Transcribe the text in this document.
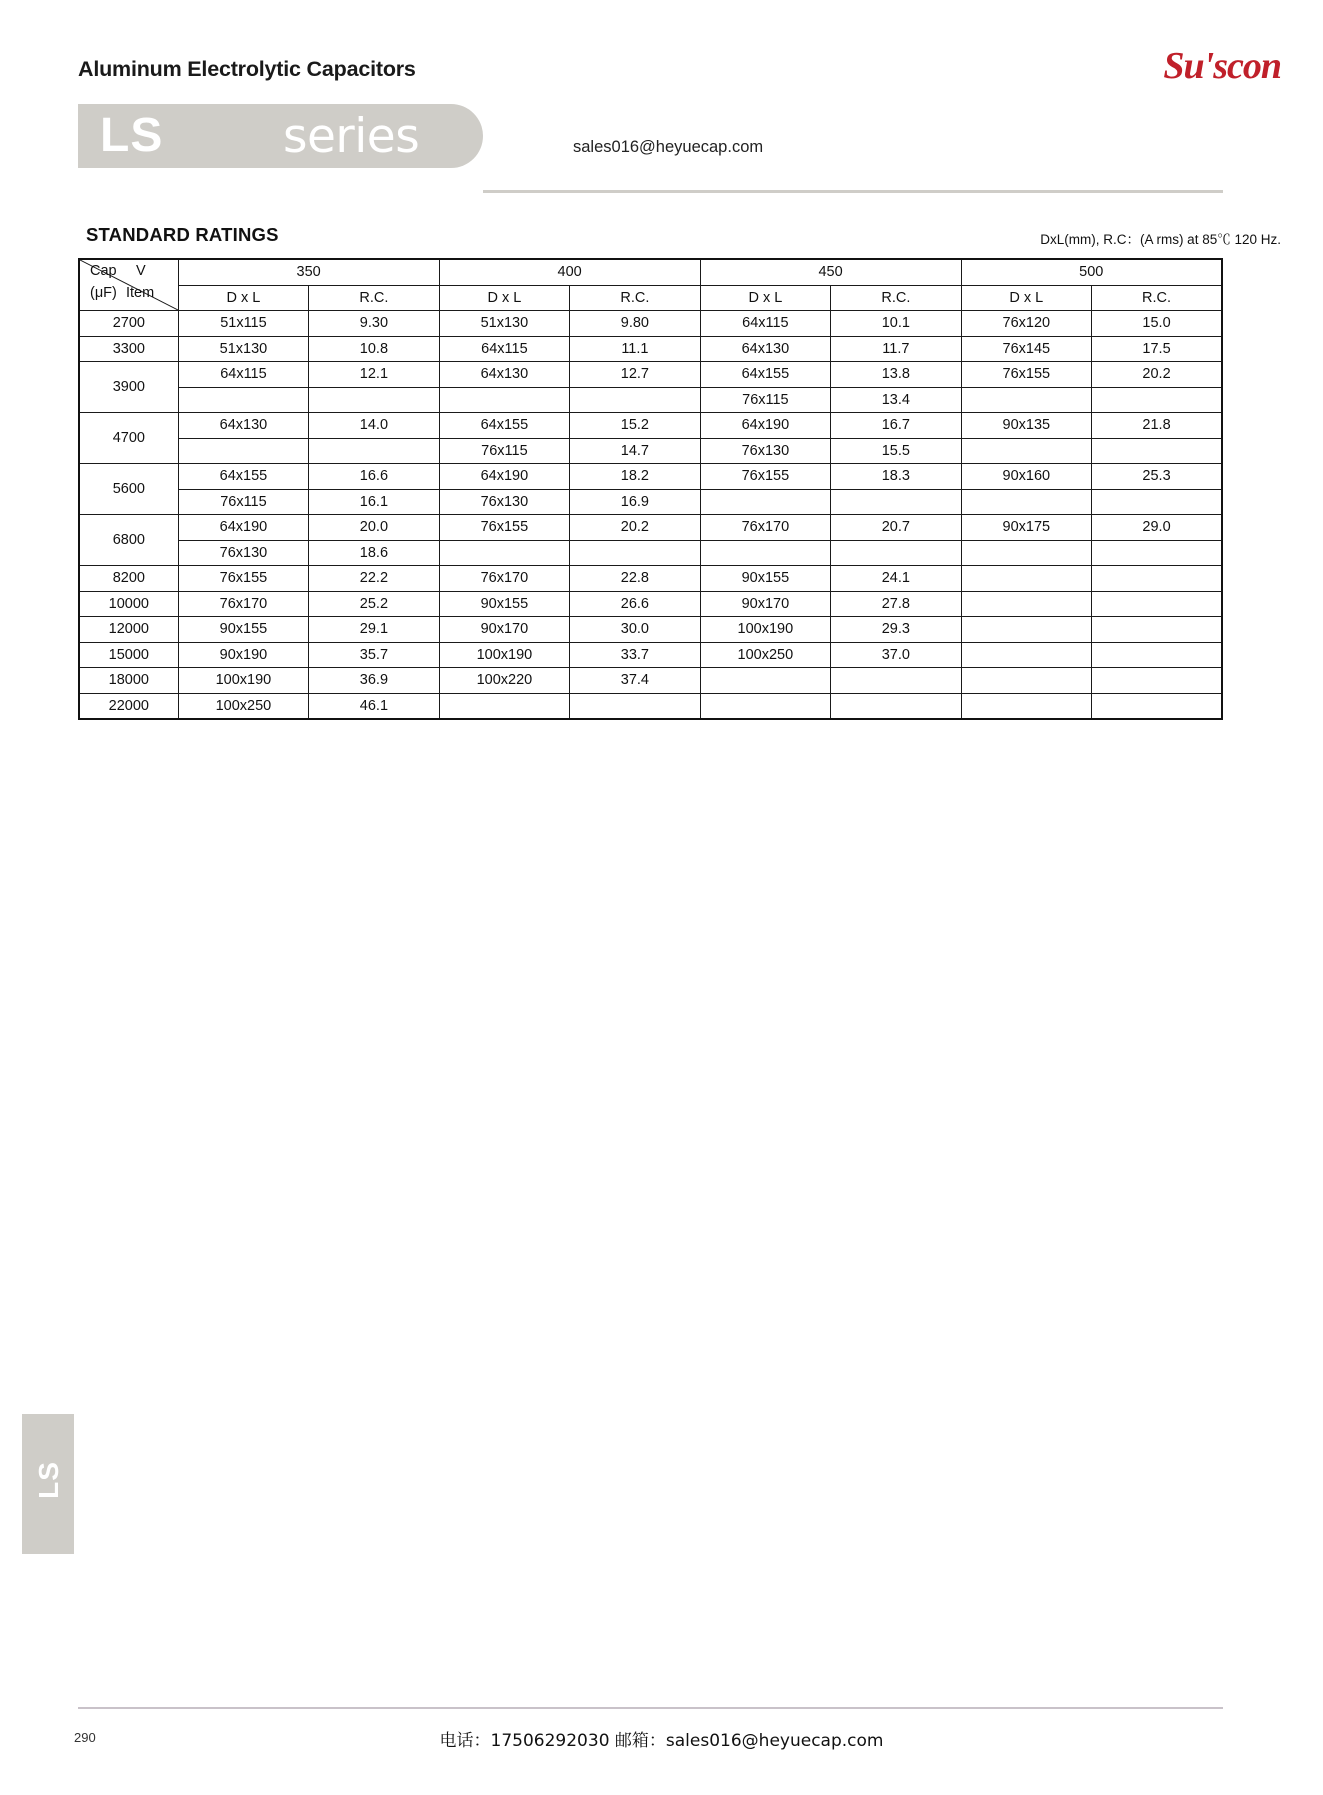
Aluminum Electrolytic Capacitors	Su'scon
LS	series	sales016@heyuecap.com
STANDARD RATINGS	DxL(mm), R.C：(A rms) at 85℃ 120 Hz.
V
Cap
(μF) Item	350		400		450		500	
	D x L	R.C.	D x L	R.C.	D x L	R.C.	D x L	R.C.
2700	51x115	9.30	51x130	9.80	64x115	10.1	76x120	15.0
3300	51x130	10.8	64x115	11.1	64x130	11.7	76x145	17.5
3900	64x115	12.1	64x130	12.7	64x155	13.8	76x155	20.2
					76x115	13.4		
4700	64x130	14.0	64x155	15.2	64x190	16.7	90x135	21.8
			76x115	14.7	76x130	15.5		
5600	64x155	16.6	64x190	18.2	76x155	18.3	90x160	25.3
	76x115	16.1	76x130	16.9				
6800	64x190	20.0	76x155	20.2	76x170	20.7	90x175	29.0
	76x130	18.6						
8200	76x155	22.2	76x170	22.8	90x155	24.1		
10000	76x170	25.2	90x155	26.6	90x170	27.8		
12000	90x155	29.1	90x170	30.0	100x190	29.3		
15000	90x190	35.7	100x190	33.7	100x250	37.0		
18000	100x190	36.9	100x220	37.4				
22000	100x250	46.1						
LS
290	电话：17506292030 邮箱：sales016@heyuecap.com
